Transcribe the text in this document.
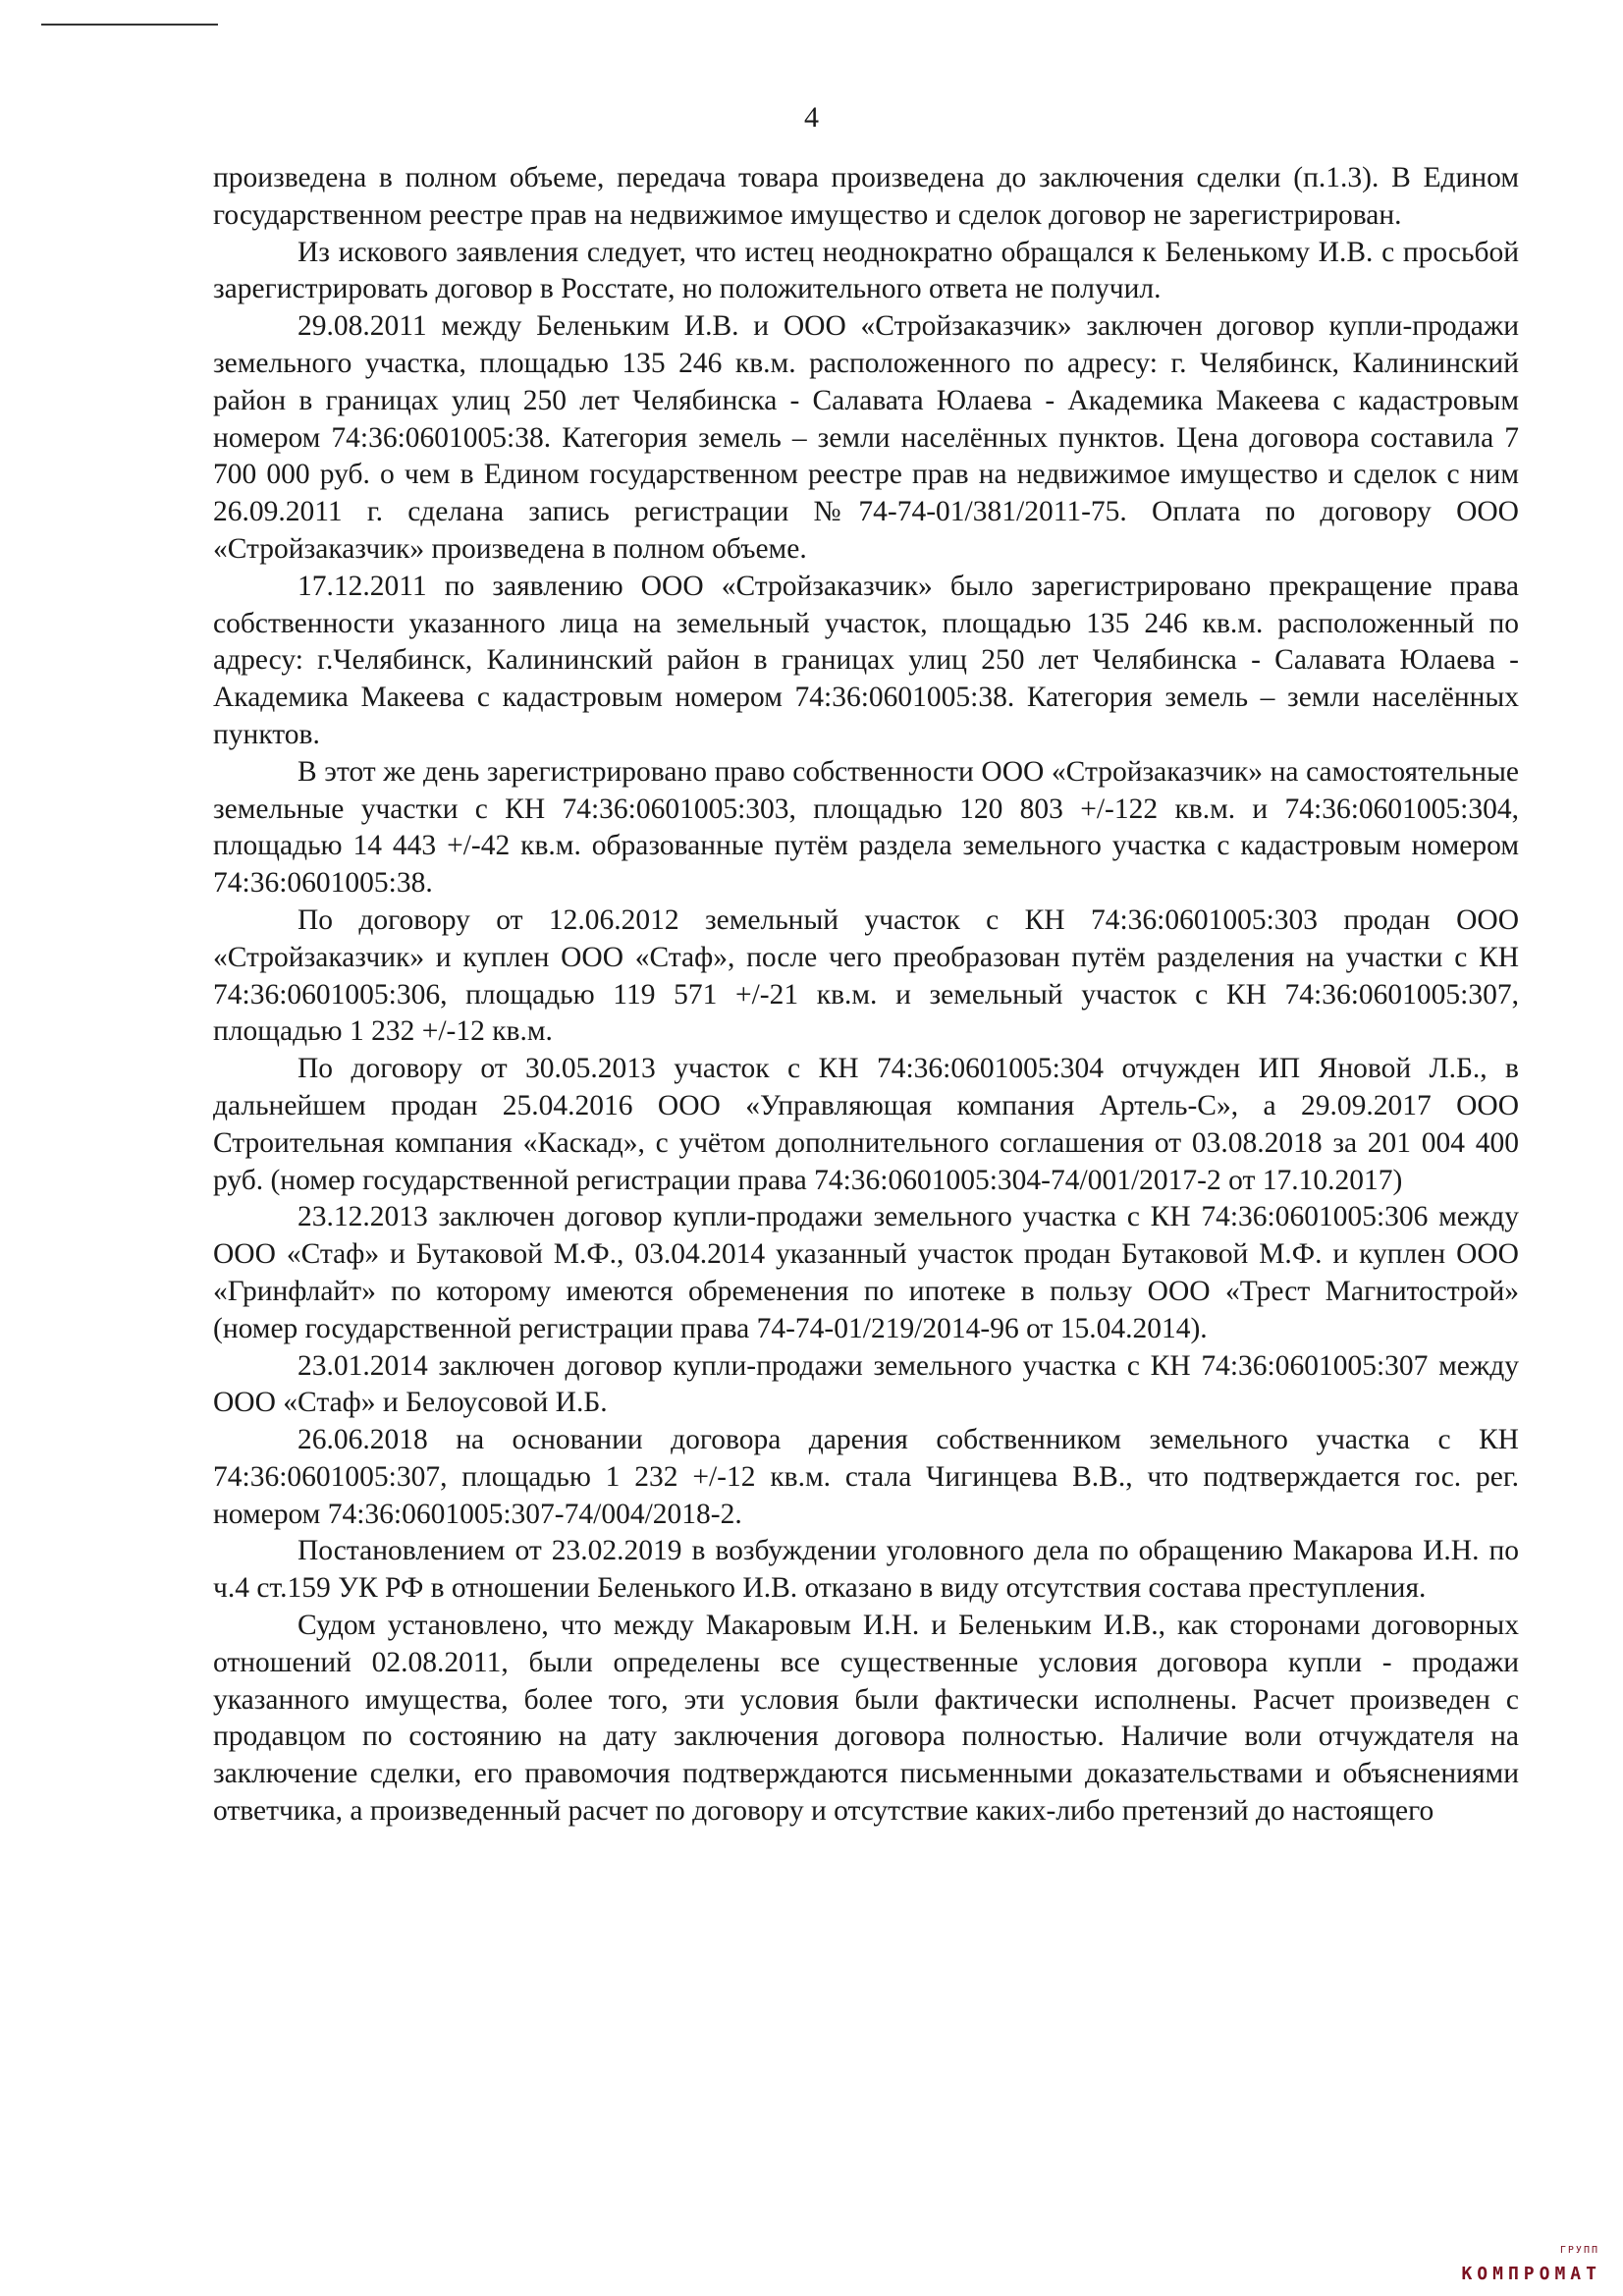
4

произведена в полном объеме, передача товара произведена до заключения сделки (п.1.3). В Едином государственном реестре прав на недвижимое имущество и сделок договор не зарегистрирован.

Из искового заявления следует, что истец неоднократно обращался к Беленькому И.В. с просьбой зарегистрировать договор в Росстате, но положительного ответа не получил.

29.08.2011 между Беленьким И.В. и ООО «Стройзаказчик» заключен договор купли-продажи земельного участка, площадью 135 246 кв.м. расположенного по адресу: г. Челябинск, Калининский район в границах улиц 250 лет Челябинска - Салавата Юлаева - Академика Макеева с кадастровым номером 74:36:0601005:38. Категория земель – земли населённых пунктов. Цена договора составила 7 700 000 руб. о чем в Едином государственном реестре прав на недвижимое имущество и сделок с ним 26.09.2011 г. сделана запись регистрации №74-74-01/381/2011-75. Оплата по договору ООО «Стройзаказчик» произведена в полном объеме.

17.12.2011 по заявлению ООО «Стройзаказчик» было зарегистрировано прекращение права собственности указанного лица на земельный участок, площадью 135 246 кв.м. расположенный по адресу: г.Челябинск, Калининский район в границах улиц 250 лет Челябинска - Салавата Юлаева - Академика Макеева с кадастровым номером 74:36:0601005:38. Категория земель – земли населённых пунктов.

В этот же день зарегистрировано право собственности ООО «Стройзаказчик» на самостоятельные земельные участки с КН 74:36:0601005:303, площадью 120 803 +/-122 кв.м. и 74:36:0601005:304, площадью 14 443 +/-42 кв.м. образованные путём раздела земельного участка с кадастровым номером 74:36:0601005:38.

По договору от 12.06.2012 земельный участок с КН 74:36:0601005:303 продан ООО «Стройзаказчик» и куплен ООО «Стаф», после чего преобразован путём разделения на участки с КН 74:36:0601005:306, площадью 119 571 +/-21 кв.м. и земельный участок с КН 74:36:0601005:307, площадью 1 232 +/-12 кв.м.

По договору от 30.05.2013 участок с КН 74:36:0601005:304 отчужден ИП Яновой Л.Б., в дальнейшем продан 25.04.2016 ООО «Управляющая компания Артель-С», а 29.09.2017 ООО Строительная компания «Каскад», с учётом дополнительного соглашения от 03.08.2018 за 201 004 400 руб. (номер государственной регистрации права 74:36:0601005:304-74/001/2017-2 от 17.10.2017)

23.12.2013 заключен договор купли-продажи земельного участка с КН 74:36:0601005:306 между ООО «Стаф» и Бутаковой М.Ф., 03.04.2014 указанный участок продан Бутаковой М.Ф. и куплен ООО «Гринфлайт» по которому имеются обременения по ипотеке в пользу ООО «Трест Магнитострой» (номер государственной регистрации права 74-74-01/219/2014-96 от 15.04.2014).

23.01.2014 заключен договор купли-продажи земельного участка с КН 74:36:0601005:307 между ООО «Стаф» и Белоусовой И.Б.

26.06.2018 на основании договора дарения собственником земельного участка с КН 74:36:0601005:307, площадью 1 232 +/-12 кв.м. стала Чигинцева В.В., что подтверждается гос. рег. номером 74:36:0601005:307-74/004/2018-2.

Постановлением от 23.02.2019 в возбуждении уголовного дела по обращению Макарова И.Н. по ч.4 ст.159 УК РФ в отношении Беленького И.В. отказано в виду отсутствия состава преступления.

Судом установлено, что между Макаровым И.Н. и Беленьким И.В., как сторонами договорных отношений 02.08.2011, были определены все существенные условия договора купли - продажи указанного имущества, более того, эти условия были фактически исполнены. Расчет произведен с продавцом по состоянию на дату заключения договора полностью. Наличие воли отчуждателя на заключение сделки, его правомочия подтверждаются письменными доказательствами и объяснениями ответчика, а произведенный расчет по договору и отсутствие каких-либо претензий до настоящего

ГРУПП
КОМПРОМАТ
